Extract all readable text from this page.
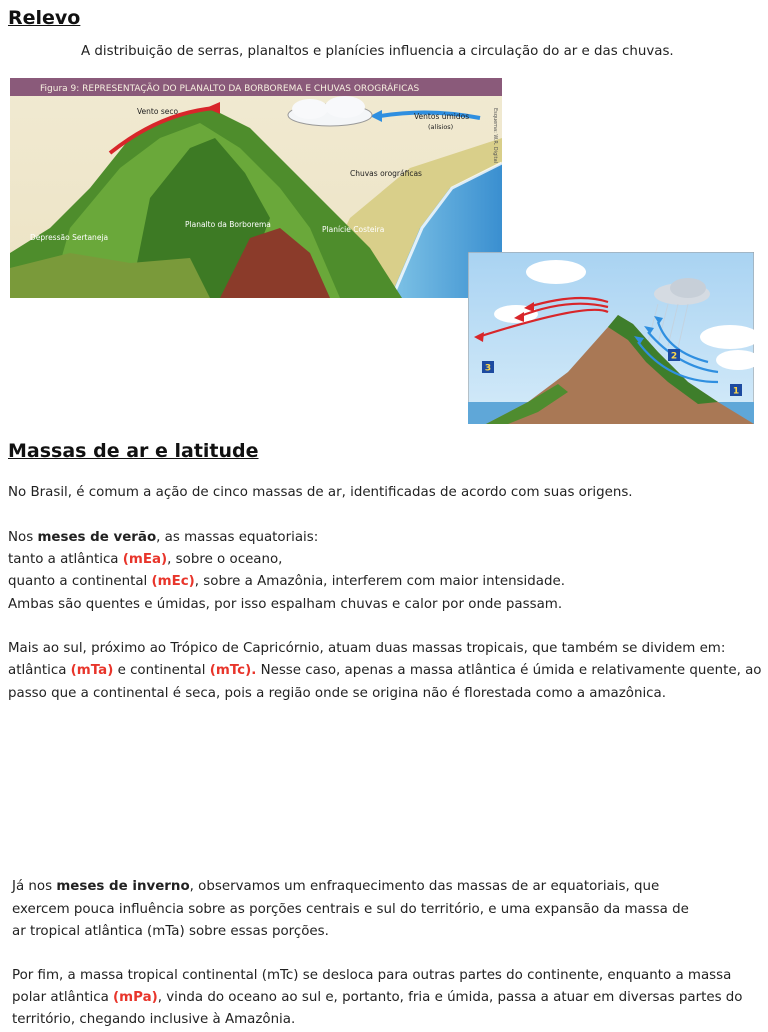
Relevo
A distribuição de serras, planaltos e planícies influencia a circulação do ar e das chuvas.
Figura 9: REPRESENTAÇÃO DO PLANALTO DA BORBOREMA E CHUVAS OROGRÁFICAS
Vento seco
Ventos úmidos
(alísios)
Chuvas orográficas
Depressão Sertaneja
Planalto da Borborema
Planície Costeira
Esquema: W.R. Digital
1
2
3
Massas de ar e latitude
No Brasil, é comum a ação de cinco massas de ar, identificadas de acordo com suas origens.
Nos meses de verão, as massas equatoriais:
tanto a atlântica (mEa), sobre o oceano,
quanto a continental (mEc), sobre a Amazônia, interferem com maior intensidade.
Ambas são quentes e úmidas, por isso espalham chuvas e calor por onde passam.
Mais ao sul, próximo ao Trópico de Capricórnio, atuam duas massas tropicais, que também se dividem em:
atlântica (mTa) e continental (mTc). Nesse caso, apenas a massa atlântica é úmida e relativamente quente, ao
passo que a continental é seca, pois a região onde se origina não é florestada como a amazônica.
Já nos meses de inverno, observamos um enfraquecimento das massas de ar equatoriais, que
exercem pouca influência sobre as porções centrais e sul do território, e uma expansão da massa de
ar tropical atlântica (mTa) sobre essas porções.
Por fim, a massa tropical continental (mTc) se desloca para outras partes do continente, enquanto a massa
polar atlântica (mPa), vinda do oceano ao sul e, portanto, fria e úmida, passa a atuar em diversas partes do
território, chegando inclusive à Amazônia.
